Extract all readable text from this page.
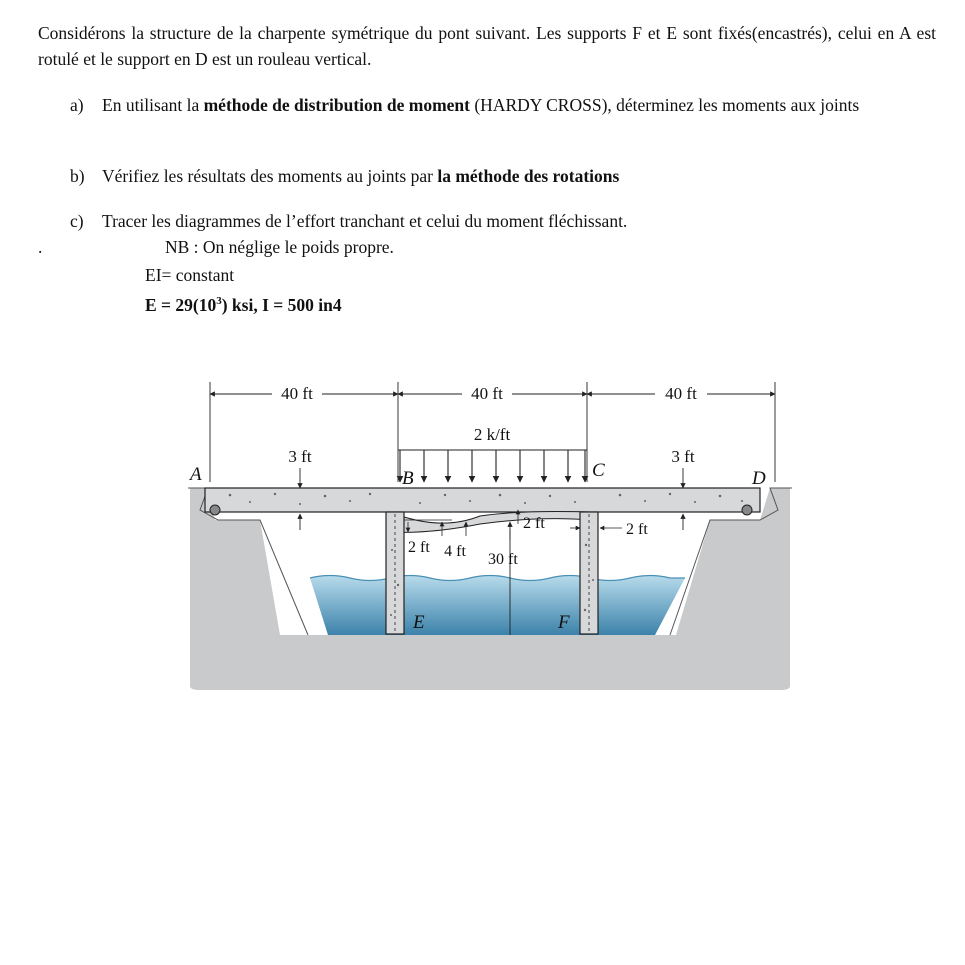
Considérons la structure de la charpente symétrique du pont suivant. Les supports F et E sont fixés(encastrés), celui en A est rotulé et le support en D est un rouleau vertical.
a) En utilisant la méthode de distribution de moment (HARDY CROSS), déterminez les moments aux joints
b) Vérifiez les résultats des moments au joints par la méthode des rotations
c) Tracer les diagrammes de l’effort tranchant et celui du moment fléchissant.
.	NB : On néglige le poids propre.
EI= constant
$E = 29(10^3)$ ksi, I = 500 in4
40 ft	40 ft	40 ft
2 k/ft
3 ft	3 ft
A	B	C	D
E	F
2 ft 4 ft
2 ft	2 ft
30 ft
